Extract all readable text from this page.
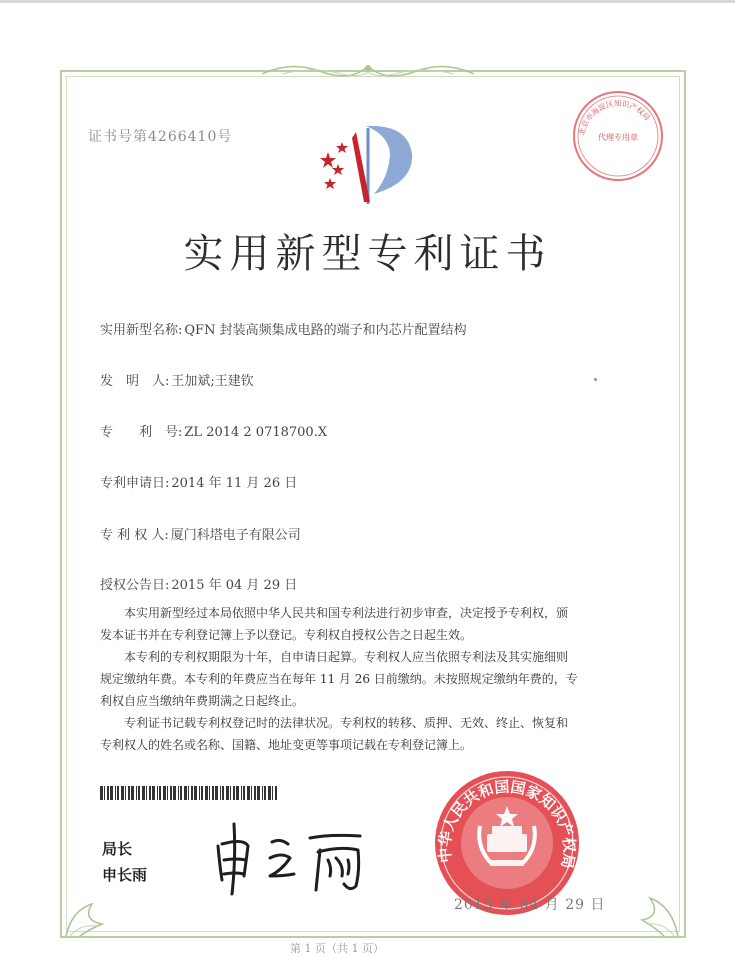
证书号第4266410号	北京市海淀区知识产权局
代理专用章
实用新型专利证书
实用新型名称: QFN 封装高频集成电路的端子和内芯片配置结构
发　明　人: 王加斌;王建钦
专　　利　号: ZL 2014 2 0718700.X
专利申请日: 2014 年 11 月 26 日
专 利 权 人: 厦门科塔电子有限公司
授权公告日: 2015 年 04 月 29 日

本实用新型经过本局依照中华人民共和国专利法进行初步审查，决定授予专利权，颁

发本证书并在专利登记簿上予以登记。专利权自授权公告之日起生效。

本专利的专利权期限为十年，自申请日起算。专利权人应当依照专利法及其实施细则

规定缴纳年费。本专利的年费应当在每年 11 月 26 日前缴纳。未按照规定缴纳年费的，专

利权自应当缴纳年费期满之日起终止。

专利证书记载专利权登记时的法律状况。专利权的转移、质押、无效、终止、恢复和

专利权人的姓名或名称、国籍、地址变更等事项记载在专利登记簿上。

局长
申长雨
中华人民共和国国家知识产权局
2015 年 04 月 29 日
第 1 页（共 1 页）
